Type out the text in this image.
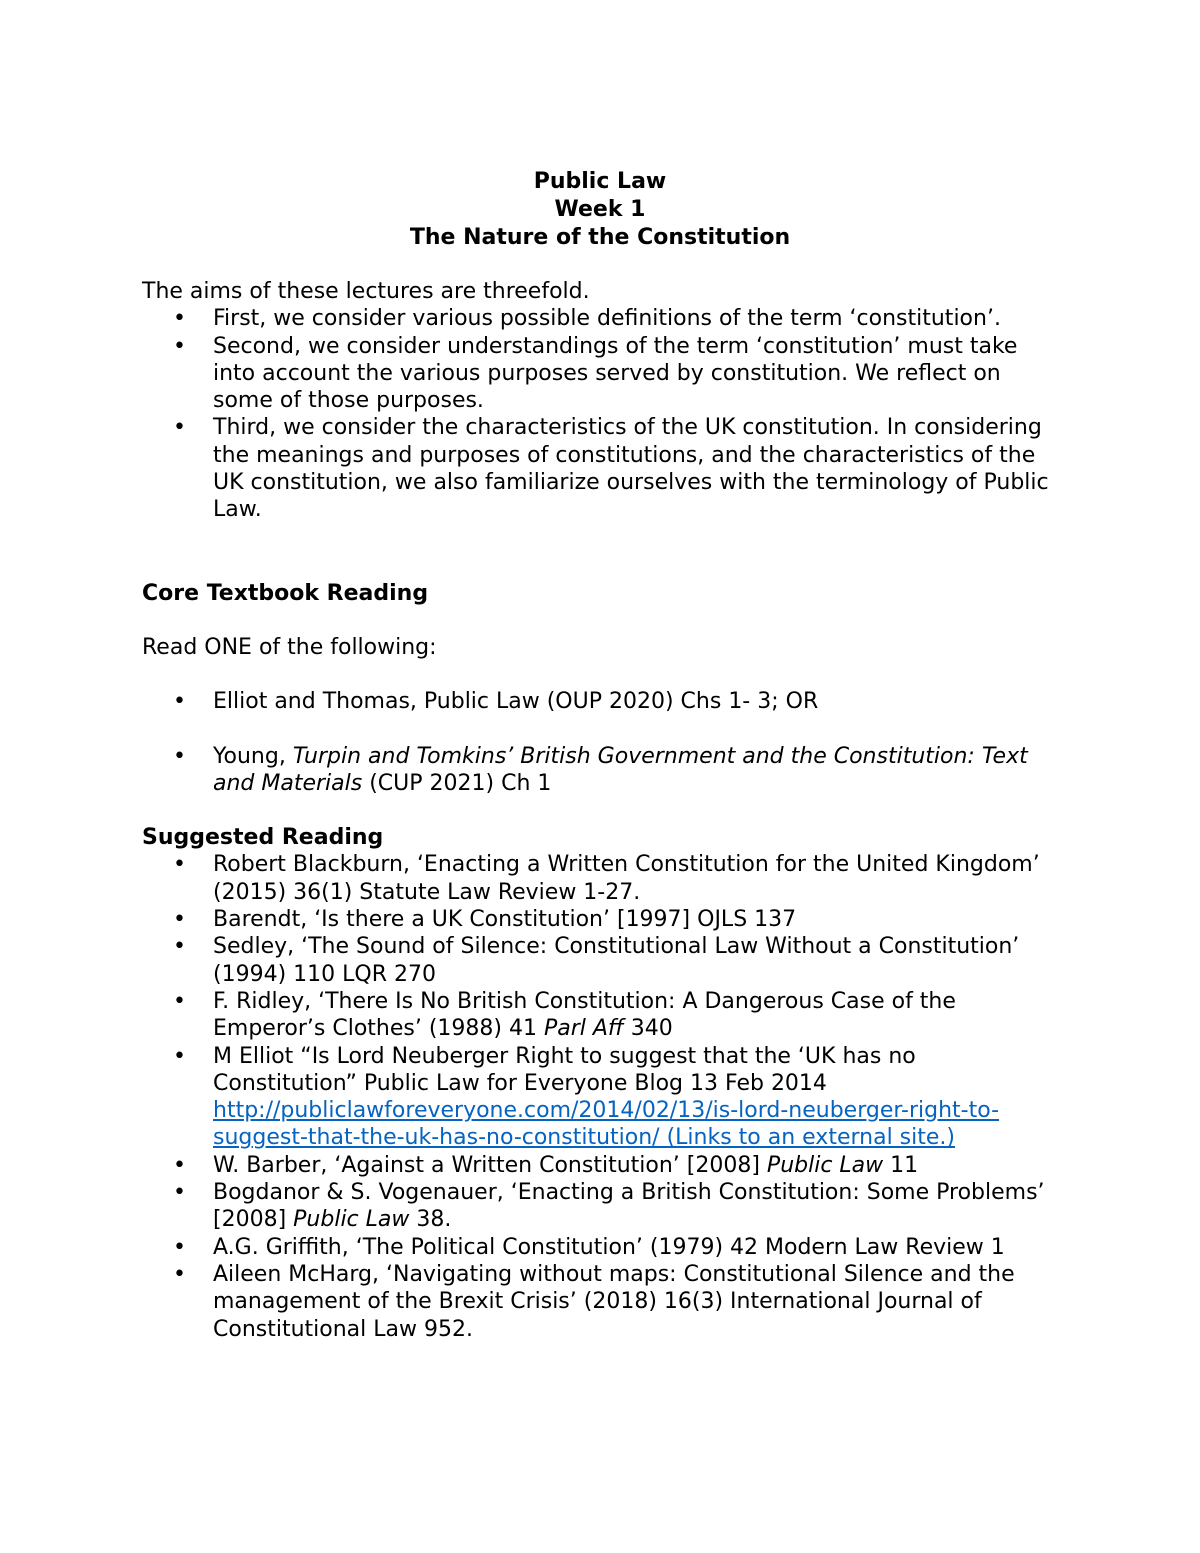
Public Law
Week 1
The Nature of the Constitution

The aims of these lectures are threefold.

• First, we consider various possible definitions of the term ‘constitution’.
• Second, we consider understandings of the term ‘constitution’ must take into account the various purposes served by constitution. We reflect on some of those purposes.
• Third, we consider the characteristics of the UK constitution. In considering the meanings and purposes of constitutions, and the characteristics of the UK constitution, we also familiarize ourselves with the terminology of Public Law.

Core Textbook Reading

Read ONE of the following:

• Elliot and Thomas, Public Law (OUP 2020) Chs 1- 3; OR
• Young, Turpin and Tomkins’ British Government and the Constitution: Text and Materials (CUP 2021) Ch 1

Suggested Reading

• Robert Blackburn, ‘Enacting a Written Constitution for the United Kingdom’ (2015) 36(1) Statute Law Review 1-27.
• Barendt, ‘Is there a UK Constitution’ [1997] OJLS 137
• Sedley, ‘The Sound of Silence: Constitutional Law Without a Constitution’ (1994) 110 LQR 270
• F. Ridley, ‘There Is No British Constitution: A Dangerous Case of the Emperor’s Clothes’ (1988) 41 Parl Aff 340
• M Elliot “Is Lord Neuberger Right to suggest that the ‘UK has no Constitution” Public Law for Everyone Blog 13 Feb 2014 http://publiclawforeveryone.com/2014/02/13/is-lord-neuberger-right-to-suggest-that-the-uk-has-no-constitution/ (Links to an external site.)
• W. Barber, ‘Against a Written Constitution’ [2008] Public Law 11
• Bogdanor & S. Vogenauer, ‘Enacting a British Constitution: Some Problems’ [2008] Public Law 38.
• A.G. Griffith, ‘The Political Constitution’ (1979) 42 Modern Law Review 1
• Aileen McHarg, ‘Navigating without maps: Constitutional Silence and the management of the Brexit Crisis’ (2018) 16(3) International Journal of Constitutional Law 952.
